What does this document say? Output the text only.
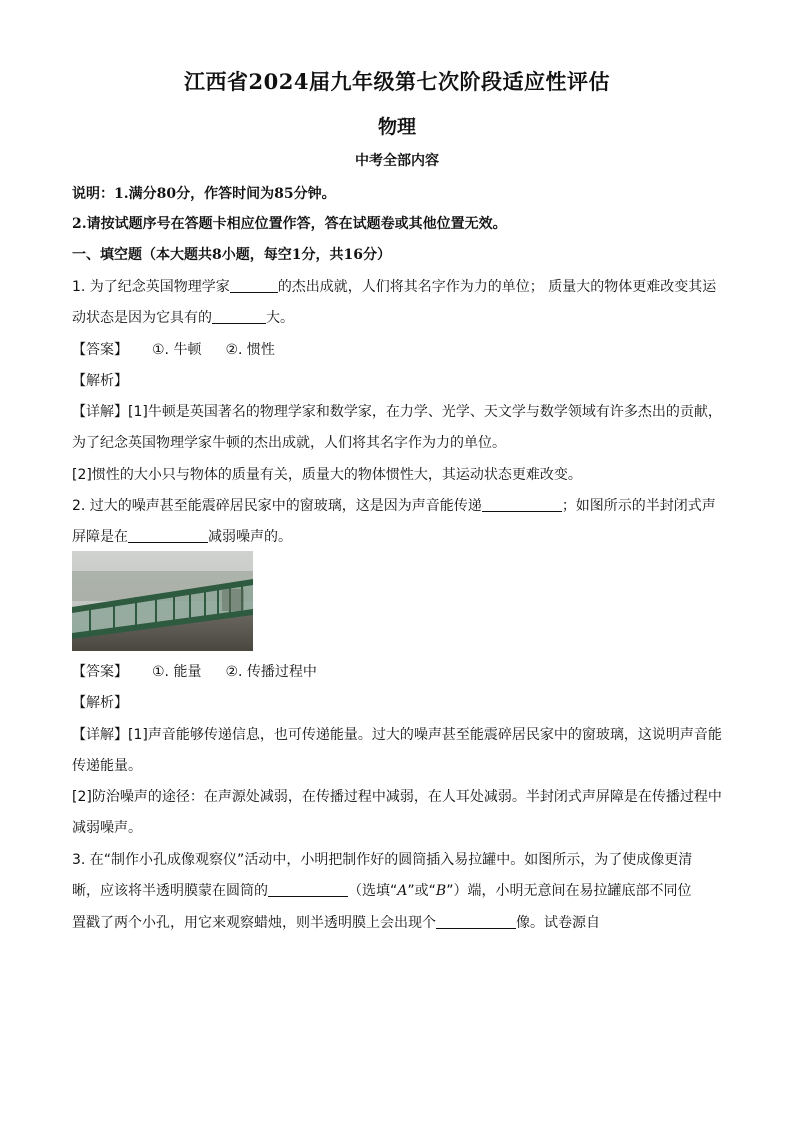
江西省2024届九年级第七次阶段适应性评估
物理
中考全部内容
说明：1.满分80分，作答时间为85分钟。
2.请按试题序号在答题卡相应位置作答，答在试题卷或其他位置无效。
一、填空题（本大题共8小题，每空1分，共16分）
1. 为了纪念英国物理学家	的杰出成就，人们将其名字作为力的单位； 质量大的物体更难改变其运
动状态是因为它具有的	大。
【答案】 ①. 牛顿 ②. 惯性
【解析】
【详解】[1]牛顿是英国著名的物理学家和数学家，在力学、光学、天文学与数学领域有许多杰出的贡献，
为了纪念英国物理学家牛顿的杰出成就，人们将其名字作为力的单位。
[2]惯性的大小只与物体的质量有关，质量大的物体惯性大，其运动状态更难改变。
2. 过大的噪声甚至能震碎居民家中的窗玻璃，这是因为声音能传递	；如图所示的半封闭式声
屏障是在	减弱噪声的。
【答案】 ①. 能量 ②. 传播过程中
【解析】
【详解】[1]声音能够传递信息，也可传递能量。过大的噪声甚至能震碎居民家中的窗玻璃，这说明声音能
传递能量。
[2]防治噪声的途径：在声源处减弱，在传播过程中减弱，在人耳处减弱。半封闭式声屏障是在传播过程中
减弱噪声。
3. 在“制作小孔成像观察仪”活动中，小明把制作好的圆筒插入易拉罐中。如图所示，为了使成像更清
晰，应该将半透明膜蒙在圆筒的	（选填“A”或“B”）端，小明无意间在易拉罐底部不同位
置戳了两个小孔，用它来观察蜡烛，则半透明膜上会出现个	像。试卷源自
